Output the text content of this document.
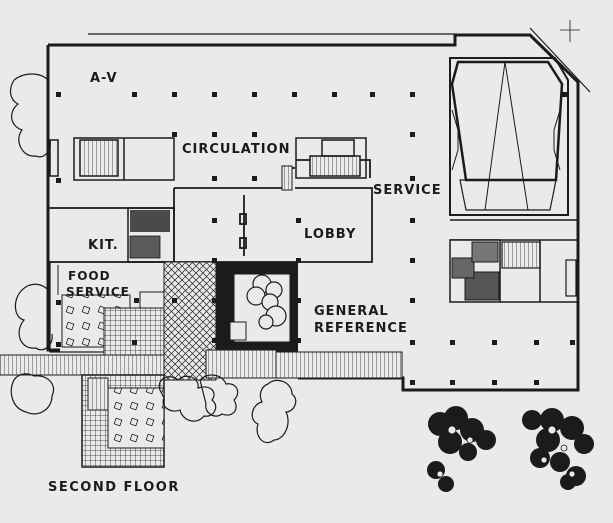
A-V
CIRCULATION
SERVICE
LOBBY
KIT.
FOOD
SERVICE
GENERAL
REFERENCE
SECOND FLOOR
